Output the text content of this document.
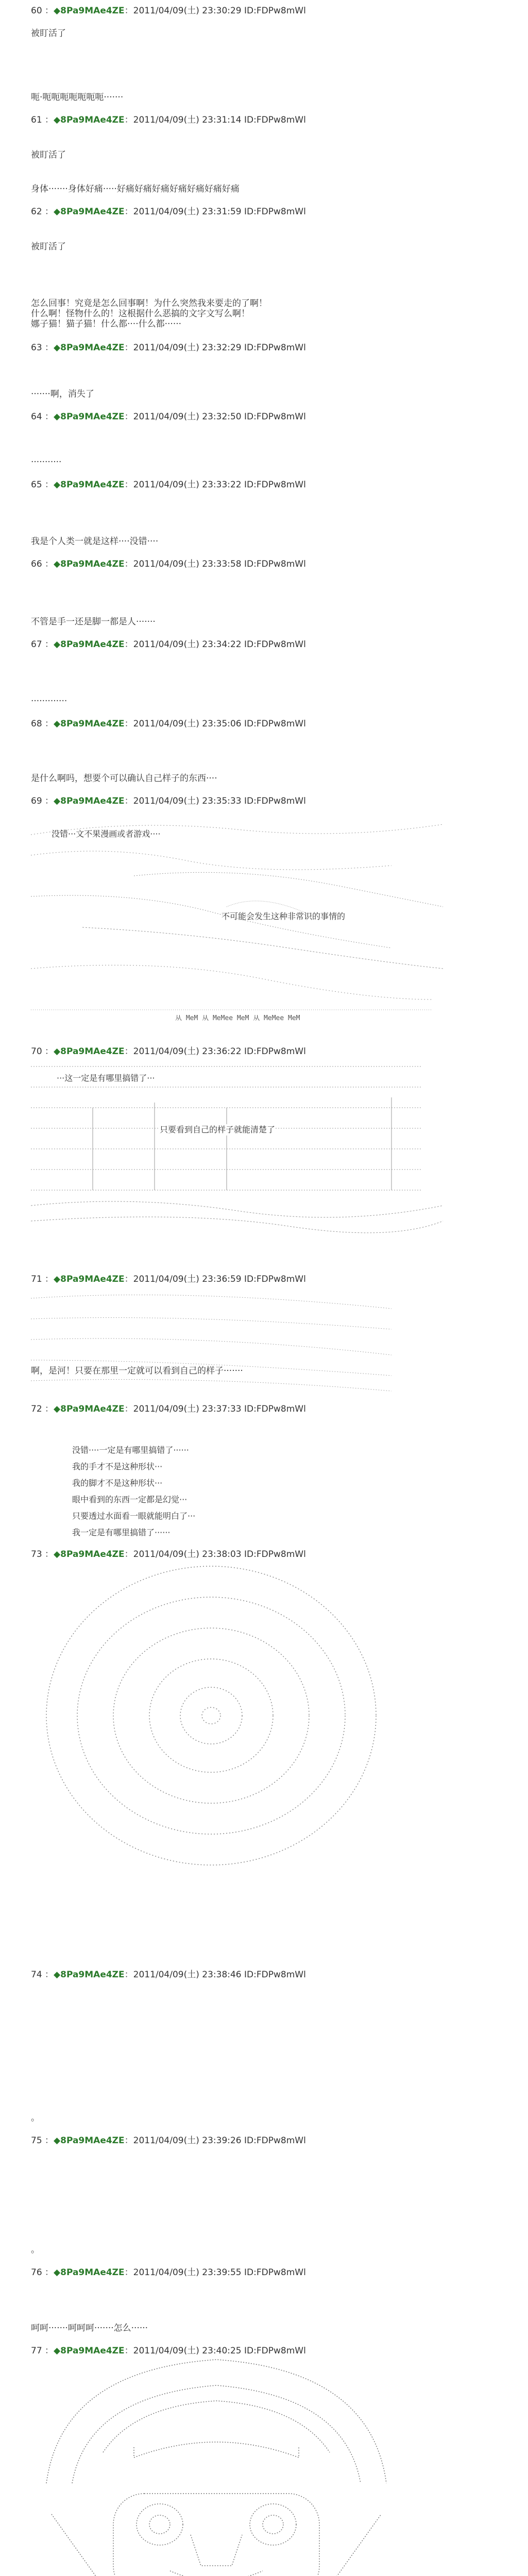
60 ：◆8Pa9MAe4ZE：2011/04/09(土) 23:30:29 ID:FDPw8mWl
被盯活了
呃·呃呃呃呃呃呃呃·······
61 ：◆8Pa9MAe4ZE：2011/04/09(土) 23:31:14 ID:FDPw8mWl
被盯活了
身体·······身体好痛·····好痛好痛好痛好痛好痛好痛好痛
62 ：◆8Pa9MAe4ZE：2011/04/09(土) 23:31:59 ID:FDPw8mWl
被盯活了
怎么回事！究竟是怎么回事啊！为什么突然我来要走的了啊！
什么啊！怪物什么的！这根据什么恶搞的文字文写么啊！
娜子猫！猫子猫！什么都····什么都······
63 ：◆8Pa9MAe4ZE：2011/04/09(土) 23:32:29 ID:FDPw8mWl
·······啊，消失了
64 ：◆8Pa9MAe4ZE：2011/04/09(土) 23:32:50 ID:FDPw8mWl
···········
65 ：◆8Pa9MAe4ZE：2011/04/09(土) 23:33:22 ID:FDPw8mWl
我是个人类一就是这样····没错····
66 ：◆8Pa9MAe4ZE：2011/04/09(土) 23:33:58 ID:FDPw8mWl
不管是手一还是脚一都是人·······
67 ：◆8Pa9MAe4ZE：2011/04/09(土) 23:34:22 ID:FDPw8mWl
·············
68 ：◆8Pa9MAe4ZE：2011/04/09(土) 23:35:06 ID:FDPw8mWl
是什么啊吗，想要个可以确认自己样子的东西····
69 ：◆8Pa9MAe4ZE：2011/04/09(土) 23:35:33 ID:FDPw8mWl
没错···文不果漫画或者游戏····
不可能会发生这种非常识的事情的
从 MeM 从 MeMee MeM 从 MeMee MeM
70 ：◆8Pa9MAe4ZE：2011/04/09(土) 23:36:22 ID:FDPw8mWl
···这一定是有哪里搞错了···
只要看到自己的样子就能清楚了
71 ：◆8Pa9MAe4ZE：2011/04/09(土) 23:36:59 ID:FDPw8mWl
啊，是河！只要在那里一定就可以看到自己的样子·······
72 ：◆8Pa9MAe4ZE：2011/04/09(土) 23:37:33 ID:FDPw8mWl
没错····一定是有哪里搞错了······
我的手才不是这种形状···
我的脚才不是这种形状···
眼中看到的东西一定都是幻觉···
只要透过水面看一眼就能明白了···
我一定是有哪里搞错了······
73 ：◆8Pa9MAe4ZE：2011/04/09(土) 23:38:03 ID:FDPw8mWl
74 ：◆8Pa9MAe4ZE：2011/04/09(土) 23:38:46 ID:FDPw8mWl
。
75 ：◆8Pa9MAe4ZE：2011/04/09(土) 23:39:26 ID:FDPw8mWl
。
76 ：◆8Pa9MAe4ZE：2011/04/09(土) 23:39:55 ID:FDPw8mWl
呵呵·······呵呵呵·······怎么······
77 ：◆8Pa9MAe4ZE：2011/04/09(土) 23:40:25 ID:FDPw8mWl
